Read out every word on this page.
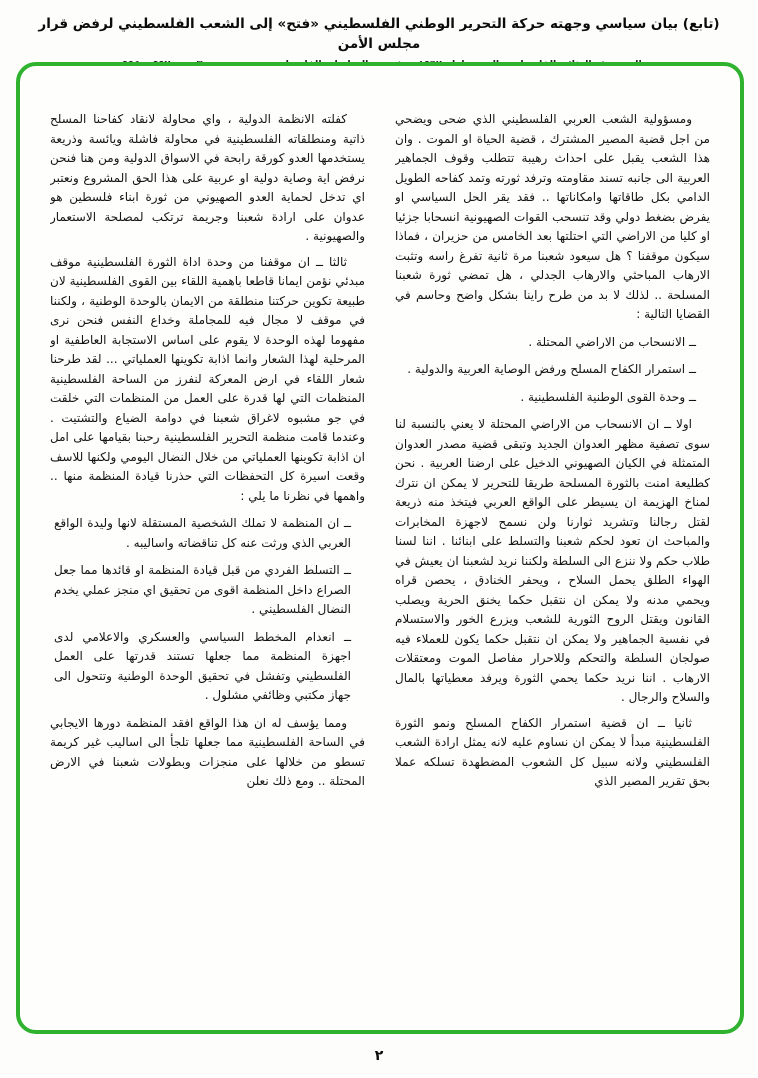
(تابع) بيان سياسي وجهته حركة التحرير الوطني الفلسطيني «فتح» إلى الشعب الفلسطيني لرفض قرار مجلس الأمن

ومسؤولية الشعب العربي الفلسطيني الذي ضحى ويضحي من اجل قضية المصير المشترك ، قضية الحياة او الموت . وان هذا الشعب يقبل على احداث رهيبة تتطلب وقوف الجماهير العربية الى جانبه تسند مقاومته وترفد ثورته وتمد كفاحه الطويل الدامي بكل طاقاتها وامكاناتها .. فقد يقر الحل السياسي او يفرض بضغط دولي وقد تنسحب القوات الصهيونية انسحابا جزئيا او كليا من الاراضي التي احتلتها بعد الخامس من حزيران ، فماذا سيكون موقفنا ؟ هل سيعود شعبنا مرة ثانية تفرغ راسه وتثبت الارهاب المباحثي والارهاب الجدلي ، هل تمضي ثورة شعبنا المسلحة .. لذلك لا بد من طرح راينا بشكل واضح وحاسم في القضايا التالية :

ــ الانسحاب من الاراضي المحتلة .

ــ استمرار الكفاح المسلح ورفض الوصاية العربية والدولية .

ــ وحدة القوى الوطنية الفلسطينية .

اولا ــ ان الانسحاب من الاراضي المحتلة لا يعني بالنسبة لنا سوى تصفية مظهر العدوان الجديد وتبقى قضية مصدر العدوان المتمثلة في الكيان الصهيوني الدخيل على ارضنا العربية . نحن كطليعة امنت بالثورة المسلحة طريقا للتحرير لا يمكن ان نترك لمناخ الهزيمة ان يسيطر على الواقع العربي فيتخذ منه ذريعة لقتل رجالنا وتشريد ثوارنا ولن نسمح لاجهزة المخابرات والمباحث ان تعود لحكم شعبنا والتسلط على ابنائنا . اننا لسنا طلاب حكم ولا ننزع الى السلطة ولكننا نريد لشعبنا ان يعيش في الهواء الطلق يحمل السلاح ، ويحفر الخنادق ، يحصن قراه ويحمي مدنه ولا يمكن ان نتقبل حكما يخنق الحرية ويصلب القانون ويقتل الروح الثورية للشعب ويزرع الخور والاستسلام في نفسية الجماهير ولا يمكن ان نتقبل حكما يكون للعملاء فيه صولجان السلطة والتحكم وللاحرار مفاصل الموت ومعتقلات الارهاب . اننا نريد حكما يحمي الثورة ويرفد معطياتها بالمال والسلاح والرجال .

ثانيا ــ ان قضية استمرار الكفاح المسلح ونمو الثورة الفلسطينية مبدأ لا يمكن ان نساوم عليه لانه يمثل ارادة الشعب الفلسطيني ولانه سبيل كل الشعوب المضطهدة تسلكه عملا بحق تقرير المصير الذي

كفلته الانظمة الدولية ، واي محاولة لانقاد كفاحنا المسلح ذاتية ومنطلقاته الفلسطينية في محاولة فاشلة ويائسة وذريعة يستخدمها العدو كورقة رابحة في الاسواق الدولية ومن هنا فنحن نرفض اية وصاية دولية او عربية على هذا الحق المشروع ونعتبر اي تدخل لحماية العدو الصهيوني من ثورة ابناء فلسطين هو عدوان على ارادة شعبنا وجريمة ترتكب لمصلحة الاستعمار والصهيونية .

ثالثا ــ ان موقفنا من وحدة اداة الثورة الفلسطينية موقف مبدئي نؤمن ايمانا قاطعا باهمية اللقاء بين القوى الفلسطينية لان طبيعة تكوين حركتنا منطلقة من الايمان بالوحدة الوطنية ، ولكننا في موقف لا مجال فيه للمجاملة وخداع النفس فنحن نرى مفهوما لهذه الوحدة لا يقوم على اساس الاستجابة العاطفية او المرحلية لهذا الشعار وانما اذابة تكوينها العملياتي ... لقد طرحنا شعار اللقاء في ارض المعركة لنفرز من الساحة الفلسطينية المنظمات التي لها قدرة على العمل من المنظمات التي خلقت في جو مشبوه لاغراق شعبنا في دوامة الضياع والتشتيت . وعندما قامت منظمة التحرير الفلسطينية رحبنا بقيامها على امل ان اذابة تكوينها العملياتي من خلال النضال اليومي ولكنها للاسف وقعت اسيرة كل التحفظات التي حذرنا قيادة المنظمة منها .. واهمها في نظرنا ما يلي :

ــ ان المنظمة لا تملك الشخصية المستقلة لانها وليدة الواقع العربي الذي ورثت عنه كل تناقضاته واساليبه .

ــ التسلط الفردي من قبل قيادة المنظمة او قائدها مما جعل الصراع داخل المنظمة اقوى من تحقيق اي منجز عملي يخدم النضال الفلسطيني .

ــ انعدام المخطط السياسي والعسكري والاعلامي لدى اجهزة المنظمة مما جعلها تستند قدرتها على العمل الفلسطيني وتفشل في تحقيق الوحدة الوطنية وتتحول الى جهاز مكتبي وظائفي مشلول .

ومما يؤسف له ان هذا الواقع افقد المنظمة دورها الايجابي في الساحة الفلسطينية مما جعلها تلجأ الى اساليب غير كريمة تسطو من خلالها على منجزات وبطولات شعبنا في الارض المحتلة .. ومع ذلك نعلن

٢
